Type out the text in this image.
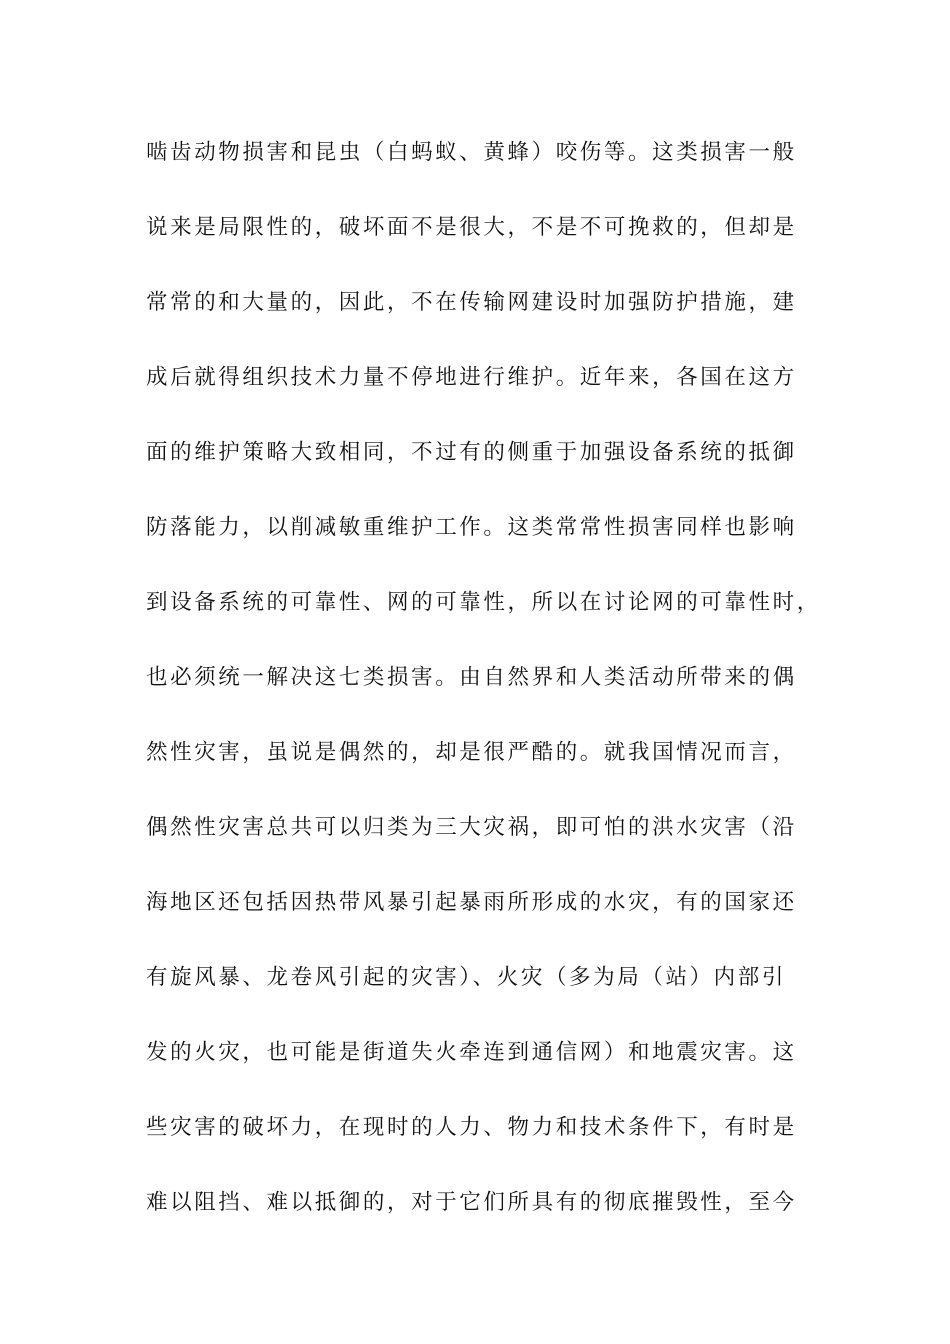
啮齿动物损害和昆虫（白蚂蚁、黄蜂）咬伤等。这类损害一般
说来是局限性的，破坏面不是很大，不是不可挽救的，但却是
常常的和大量的，因此，不在传输网建设时加强防护措施，建
成后就得组织技术力量不停地进行维护。近年来，各国在这方
面的维护策略大致相同，不过有的侧重于加强设备系统的抵御
防落能力，以削减敏重维护工作。这类常常性损害同样也影响
到设备系统的可靠性、网的可靠性，所以在讨论网的可靠性时，
也必须统一解决这七类损害。由自然界和人类活动所带来的偶
然性灾害，虽说是偶然的，却是很严酷的。就我国情况而言，
偶然性灾害总共可以归类为三大灾祸，即可怕的洪水灾害（沿
海地区还包括因热带风暴引起暴雨所形成的水灾，有的国家还
有旋风暴、龙卷风引起的灾害）、火灾（多为局（站）内部引
发的火灾，也可能是街道失火牵连到通信网）和地震灾害。这
些灾害的破坏力，在现时的人力、物力和技术条件下，有时是
难以阻挡、难以抵御的，对于它们所具有的彻底摧毁性，至今
